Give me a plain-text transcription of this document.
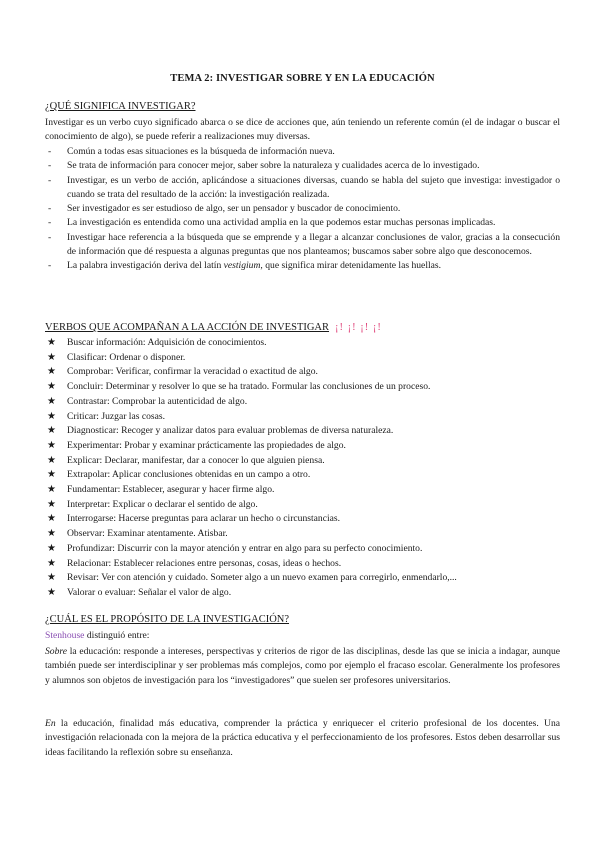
TEMA 2: INVESTIGAR SOBRE Y EN LA EDUCACIÓN
¿QUÉ SIGNIFICA INVESTIGAR?
Investigar es un verbo cuyo significado abarca o se dice de acciones que, aún teniendo un referente común (el de indagar o buscar el conocimiento de algo), se puede referir a realizaciones muy diversas.
- Común a todas esas situaciones es la búsqueda de información nueva.
- Se trata de información para conocer mejor, saber sobre la naturaleza y cualidades acerca de lo investigado.
- Investigar, es un verbo de acción, aplicándose a situaciones diversas, cuando se habla del sujeto que investiga: investigador o cuando se trata del resultado de la acción: la investigación realizada.
- Ser investigador es ser estudioso de algo, ser un pensador y buscador de conocimiento.
- La investigación es entendida como una actividad amplia en la que podemos estar muchas personas implicadas.
- Investigar hace referencia a la búsqueda que se emprende y a llegar a alcanzar conclusiones de valor, gracias a la consecución de información que dé respuesta a algunas preguntas que nos planteamos; buscamos saber sobre algo que desconocemos.
- La palabra investigación deriva del latín vestigium, que significa mirar detenidamente las huellas.
VERBOS QUE ACOMPAÑAN A LA ACCIÓN DE INVESTIGAR ¡! ¡! ¡! ¡!
★ Buscar información: Adquisición de conocimientos.
★ Clasificar: Ordenar o disponer.
★ Comprobar: Verificar, confirmar la veracidad o exactitud de algo.
★ Concluir: Determinar y resolver lo que se ha tratado. Formular las conclusiones de un proceso.
★ Contrastar: Comprobar la autenticidad de algo.
★ Criticar: Juzgar las cosas.
★ Diagnosticar: Recoger y analizar datos para evaluar problemas de diversa naturaleza.
★ Experimentar: Probar y examinar prácticamente las propiedades de algo.
★ Explicar: Declarar, manifestar, dar a conocer lo que alguien piensa.
★ Extrapolar: Aplicar conclusiones obtenidas en un campo a otro.
★ Fundamentar: Establecer, asegurar y hacer firme algo.
★ Interpretar: Explicar o declarar el sentido de algo.
★ Interrogarse: Hacerse preguntas para aclarar un hecho o circunstancias.
★ Observar: Examinar atentamente. Atisbar.
★ Profundizar: Discurrir con la mayor atención y entrar en algo para su perfecto conocimiento.
★ Relacionar: Establecer relaciones entre personas, cosas, ideas o hechos.
★ Revisar: Ver con atención y cuidado. Someter algo a un nuevo examen para corregirlo, enmendarlo,...
★ Valorar o evaluar: Señalar el valor de algo.
¿CUÁL ES EL PROPÓSITO DE LA INVESTIGACIÓN?
Stenhouse distinguió entre:
Sobre la educación: responde a intereses, perspectivas y criterios de rigor de las disciplinas, desde las que se inicia a indagar, aunque también puede ser interdisciplinar y ser problemas más complejos, como por ejemplo el fracaso escolar. Generalmente los profesores y alumnos son objetos de investigación para los “investigadores” que suelen ser profesores universitarios.
En la educación, finalidad más educativa, comprender la práctica y enriquecer el criterio profesional de los docentes. Una investigación relacionada con la mejora de la práctica educativa y el perfeccionamiento de los profesores. Estos deben desarrollar sus ideas facilitando la reflexión sobre su enseñanza.
